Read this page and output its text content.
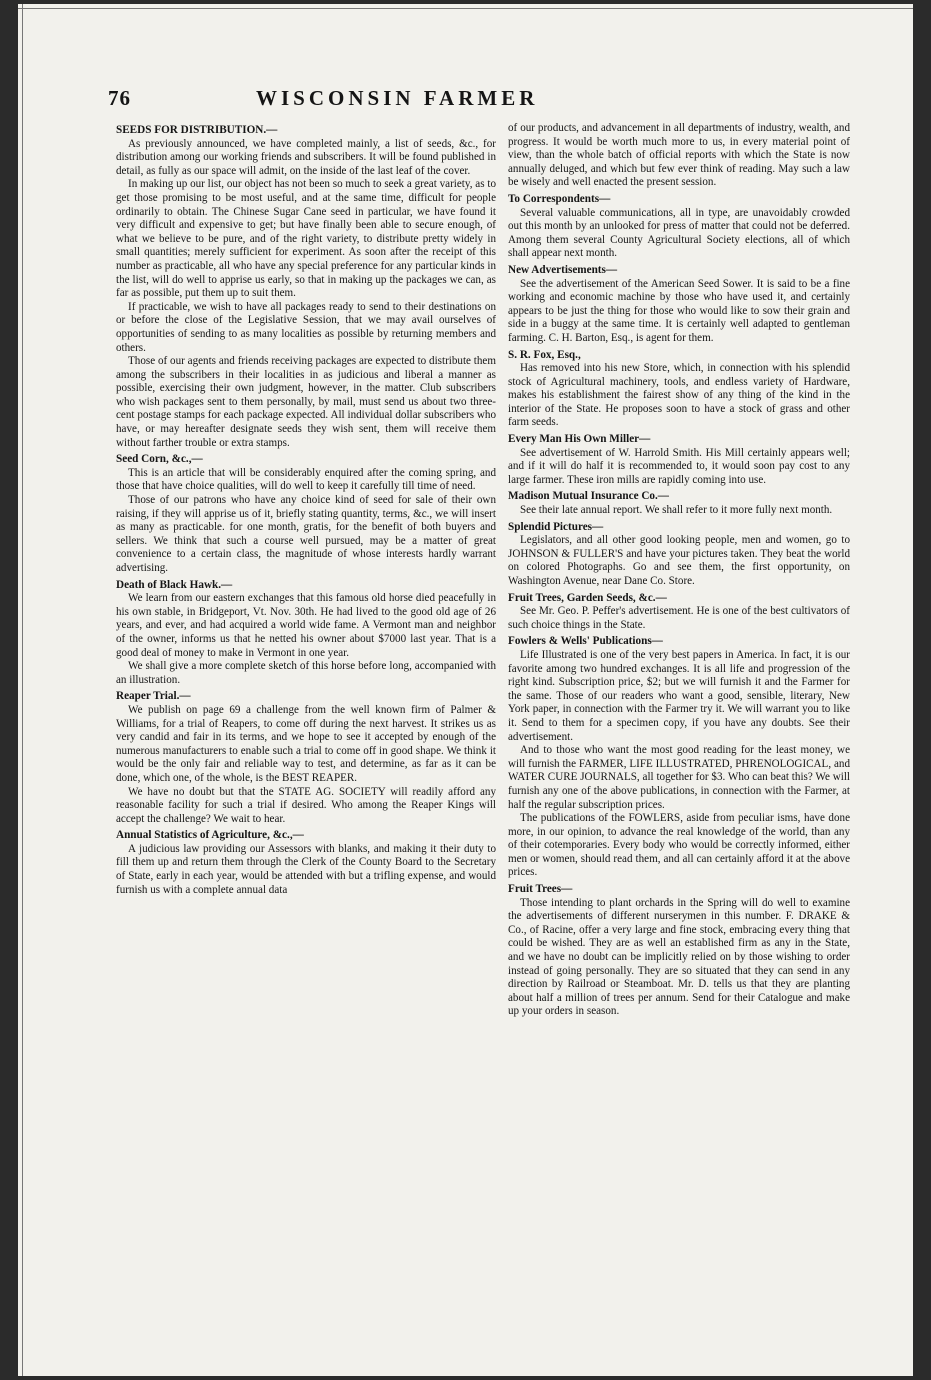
76	WISCONSIN FARMER
SEEDS FOR DISTRIBUTION.—

As previously announced, we have completed mainly, a list of seeds, &c., for distribution among our working friends and subscribers. It will be found published in detail, as fully as our space will admit, on the inside of the last leaf of the cover.

In making up our list, our object has not been so much to seek a great variety, as to get those promising to be most useful, and at the same time, difficult for people ordinarily to obtain. The Chinese Sugar Cane seed in particular, we have found it very difficult and expensive to get; but have finally been able to secure enough, of what we believe to be pure, and of the right variety, to distribute pretty widely in small quantities; merely sufficient for experiment. As soon after the receipt of this number as practicable, all who have any special preference for any particular kinds in the list, will do well to apprise us early, so that in making up the packages we can, as far as possible, put them up to suit them.

If practicable, we wish to have all packages ready to send to their destinations on or before the close of the Legislative Session, that we may avail ourselves of opportunities of sending to as many localities as possible by returning members and others.

Those of our agents and friends receiving packages are expected to distribute them among the subscribers in their localities in as judicious and liberal a manner as possible, exercising their own judgment, however, in the matter. Club subscribers who wish packages sent to them personally, by mail, must send us about two three-cent postage stamps for each package expected. All individual dollar subscribers who have, or may hereafter designate seeds they wish sent, them will receive them without farther trouble or extra stamps.

Seed Corn, &c.,—

This is an article that will be considerably enquired after the coming spring, and those that have choice qualities, will do well to keep it carefully till time of need.

Those of our patrons who have any choice kind of seed for sale of their own raising, if they will apprise us of it, briefly stating quantity, terms, &c., we will insert as many as practicable. for one month, gratis, for the benefit of both buyers and sellers. We think that such a course well pursued, may be a matter of great convenience to a certain class, the magnitude of whose interests hardly warrant advertising.

Death of Black Hawk.—

We learn from our eastern exchanges that this famous old horse died peacefully in his own stable, in Bridgeport, Vt. Nov. 30th. He had lived to the good old age of 26 years, and ever, and had acquired a world wide fame. A Vermont man and neighbor of the owner, informs us that he netted his owner about $7000 last year. That is a good deal of money to make in Vermont in one year.

We shall give a more complete sketch of this horse before long, accompanied with an illustration.

Reaper Trial.—

We publish on page 69 a challenge from the well known firm of Palmer & Williams, for a trial of Reapers, to come off during the next harvest. It strikes us as very candid and fair in its terms, and we hope to see it accepted by enough of the numerous manufacturers to enable such a trial to come off in good shape. We think it would be the only fair and reliable way to test, and determine, as far as it can be done, which one, of the whole, is the BEST REAPER.

We have no doubt but that the STATE AG. SOCIETY will readily afford any reasonable facility for such a trial if desired. Who among the Reaper Kings will accept the challenge? We wait to hear.

Annual Statistics of Agriculture, &c.,—

A judicious law providing our Assessors with blanks, and making it their duty to fill them up and return them through the Clerk of the County Board to the Secretary of State, early in each year, would be attended with but a trifling expense, and would furnish us with a complete annual data

of our products, and advancement in all departments of industry, wealth, and progress. It would be worth much more to us, in every material point of view, than the whole batch of official reports with which the State is now annually deluged, and which but few ever think of reading. May such a law be wisely and well enacted the present session.

To Correspondents—

Several valuable communications, all in type, are unavoidably crowded out this month by an unlooked for press of matter that could not be deferred. Among them several County Agricultural Society elections, all of which shall appear next month.

New Advertisements—

See the advertisement of the American Seed Sower. It is said to be a fine working and economic machine by those who have used it, and certainly appears to be just the thing for those who would like to sow their grain and side in a buggy at the same time. It is certainly well adapted to gentleman farming. C. H. Barton, Esq., is agent for them.

S. R. Fox, Esq.,

Has removed into his new Store, which, in connection with his splendid stock of Agricultural machinery, tools, and endless variety of Hardware, makes his establishment the fairest show of any thing of the kind in the interior of the State. He proposes soon to have a stock of grass and other farm seeds.

Every Man His Own Miller—

See advertisement of W. Harrold Smith. His Mill certainly appears well; and if it will do half it is recommended to, it would soon pay cost to any large farmer. These iron mills are rapidly coming into use.

Madison Mutual Insurance Co.—

See their late annual report. We shall refer to it more fully next month.

Splendid Pictures—

Legislators, and all other good looking people, men and women, go to JOHNSON & FULLER'S and have your pictures taken. They beat the world on colored Photographs. Go and see them, the first opportunity, on Washington Avenue, near Dane Co. Store.

Fruit Trees, Garden Seeds, &c.—

See Mr. Geo. P. Peffer's advertisement. He is one of the best cultivators of such choice things in the State.

Fowlers & Wells' Publications—

Life Illustrated is one of the very best papers in America. In fact, it is our favorite among two hundred exchanges. It is all life and progression of the right kind. Subscription price, $2; but we will furnish it and the Farmer for the same. Those of our readers who want a good, sensible, literary, New York paper, in connection with the Farmer try it. We will warrant you to like it. Send to them for a specimen copy, if you have any doubts. See their advertisement.

And to those who want the most good reading for the least money, we will furnish the FARMER, LIFE ILLUSTRATED, PHRENOLOGICAL, and WATER CURE JOURNALS, all together for $3. Who can beat this? We will furnish any one of the above publications, in connection with the Farmer, at half the regular subscription prices.

The publications of the FOWLERS, aside from peculiar isms, have done more, in our opinion, to advance the real knowledge of the world, than any of their cotemporaries. Every body who would be correctly informed, either men or women, should read them, and all can certainly afford it at the above prices.

Fruit Trees—

Those intending to plant orchards in the Spring will do well to examine the advertisements of different nurserymen in this number. F. DRAKE & Co., of Racine, offer a very large and fine stock, embracing every thing that could be wished. They are as well an established firm as any in the State, and we have no doubt can be implicitly relied on by those wishing to order instead of going personally. They are so situated that they can send in any direction by Railroad or Steamboat. Mr. D. tells us that they are planting about half a million of trees per annum. Send for their Catalogue and make up your orders in season.
